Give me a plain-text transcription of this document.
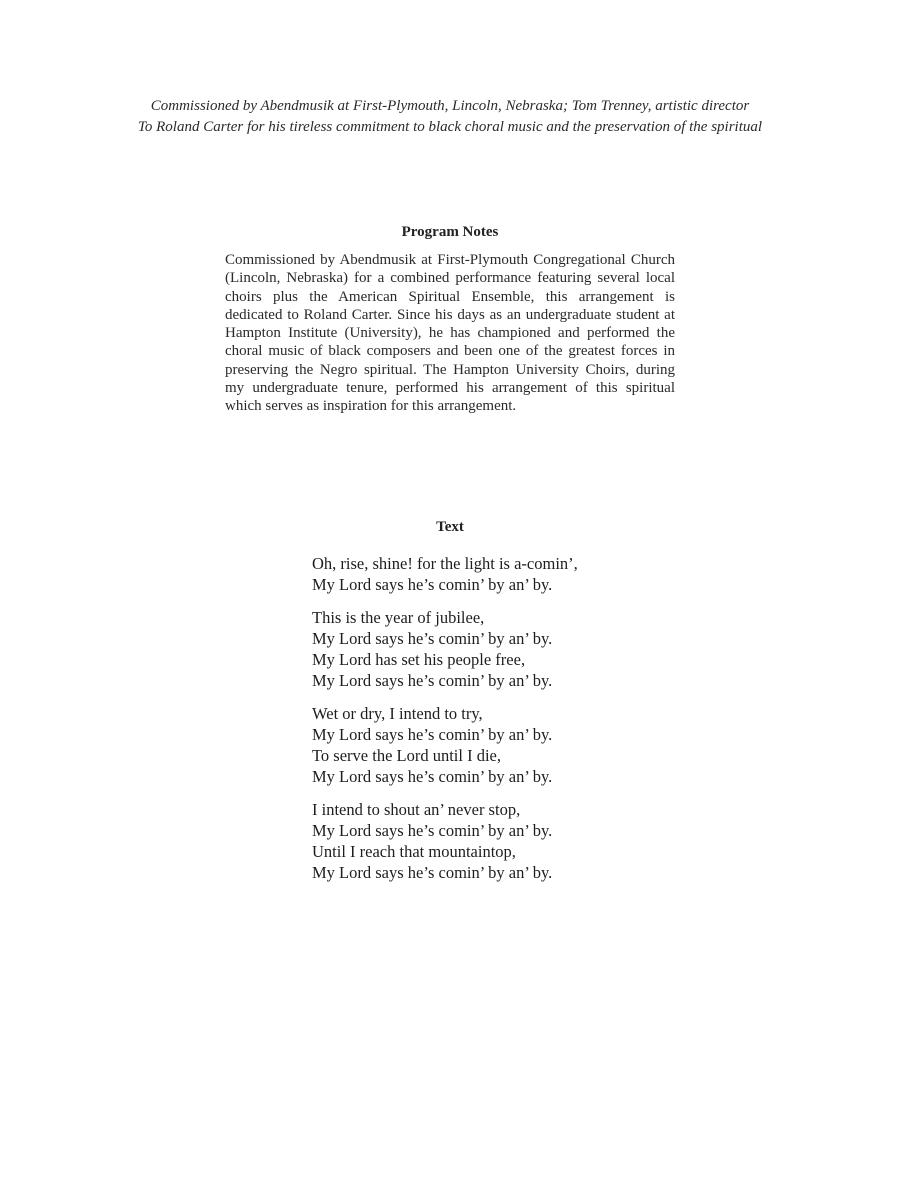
Commissioned by Abendmusik at First-Plymouth, Lincoln, Nebraska; Tom Trenney, artistic director
To Roland Carter for his tireless commitment to black choral music and the preservation of the spiritual
Program Notes
Commissioned by Abendmusik at First-Plymouth Congregational Church (Lincoln, Nebraska) for a combined performance featuring several local choirs plus the American Spiritual Ensemble, this arrangement is dedicated to Roland Carter. Since his days as an undergraduate student at Hampton Institute (University), he has championed and performed the choral music of black composers and been one of the greatest forces in preserving the Negro spiritual. The Hampton University Choirs, during my undergraduate tenure, performed his arrangement of this spiritual which serves as inspiration for this arrangement.
Text
Oh, rise, shine! for the light is a-comin’,
My Lord says he’s comin’ by an’ by.
This is the year of jubilee,
My Lord says he’s comin’ by an’ by.
My Lord has set his people free,
My Lord says he’s comin’ by an’ by.
Wet or dry, I intend to try,
My Lord says he’s comin’ by an’ by.
To serve the Lord until I die,
My Lord says he’s comin’ by an’ by.
I intend to shout an’ never stop,
My Lord says he’s comin’ by an’ by.
Until I reach that mountaintop,
My Lord says he’s comin’ by an’ by.
